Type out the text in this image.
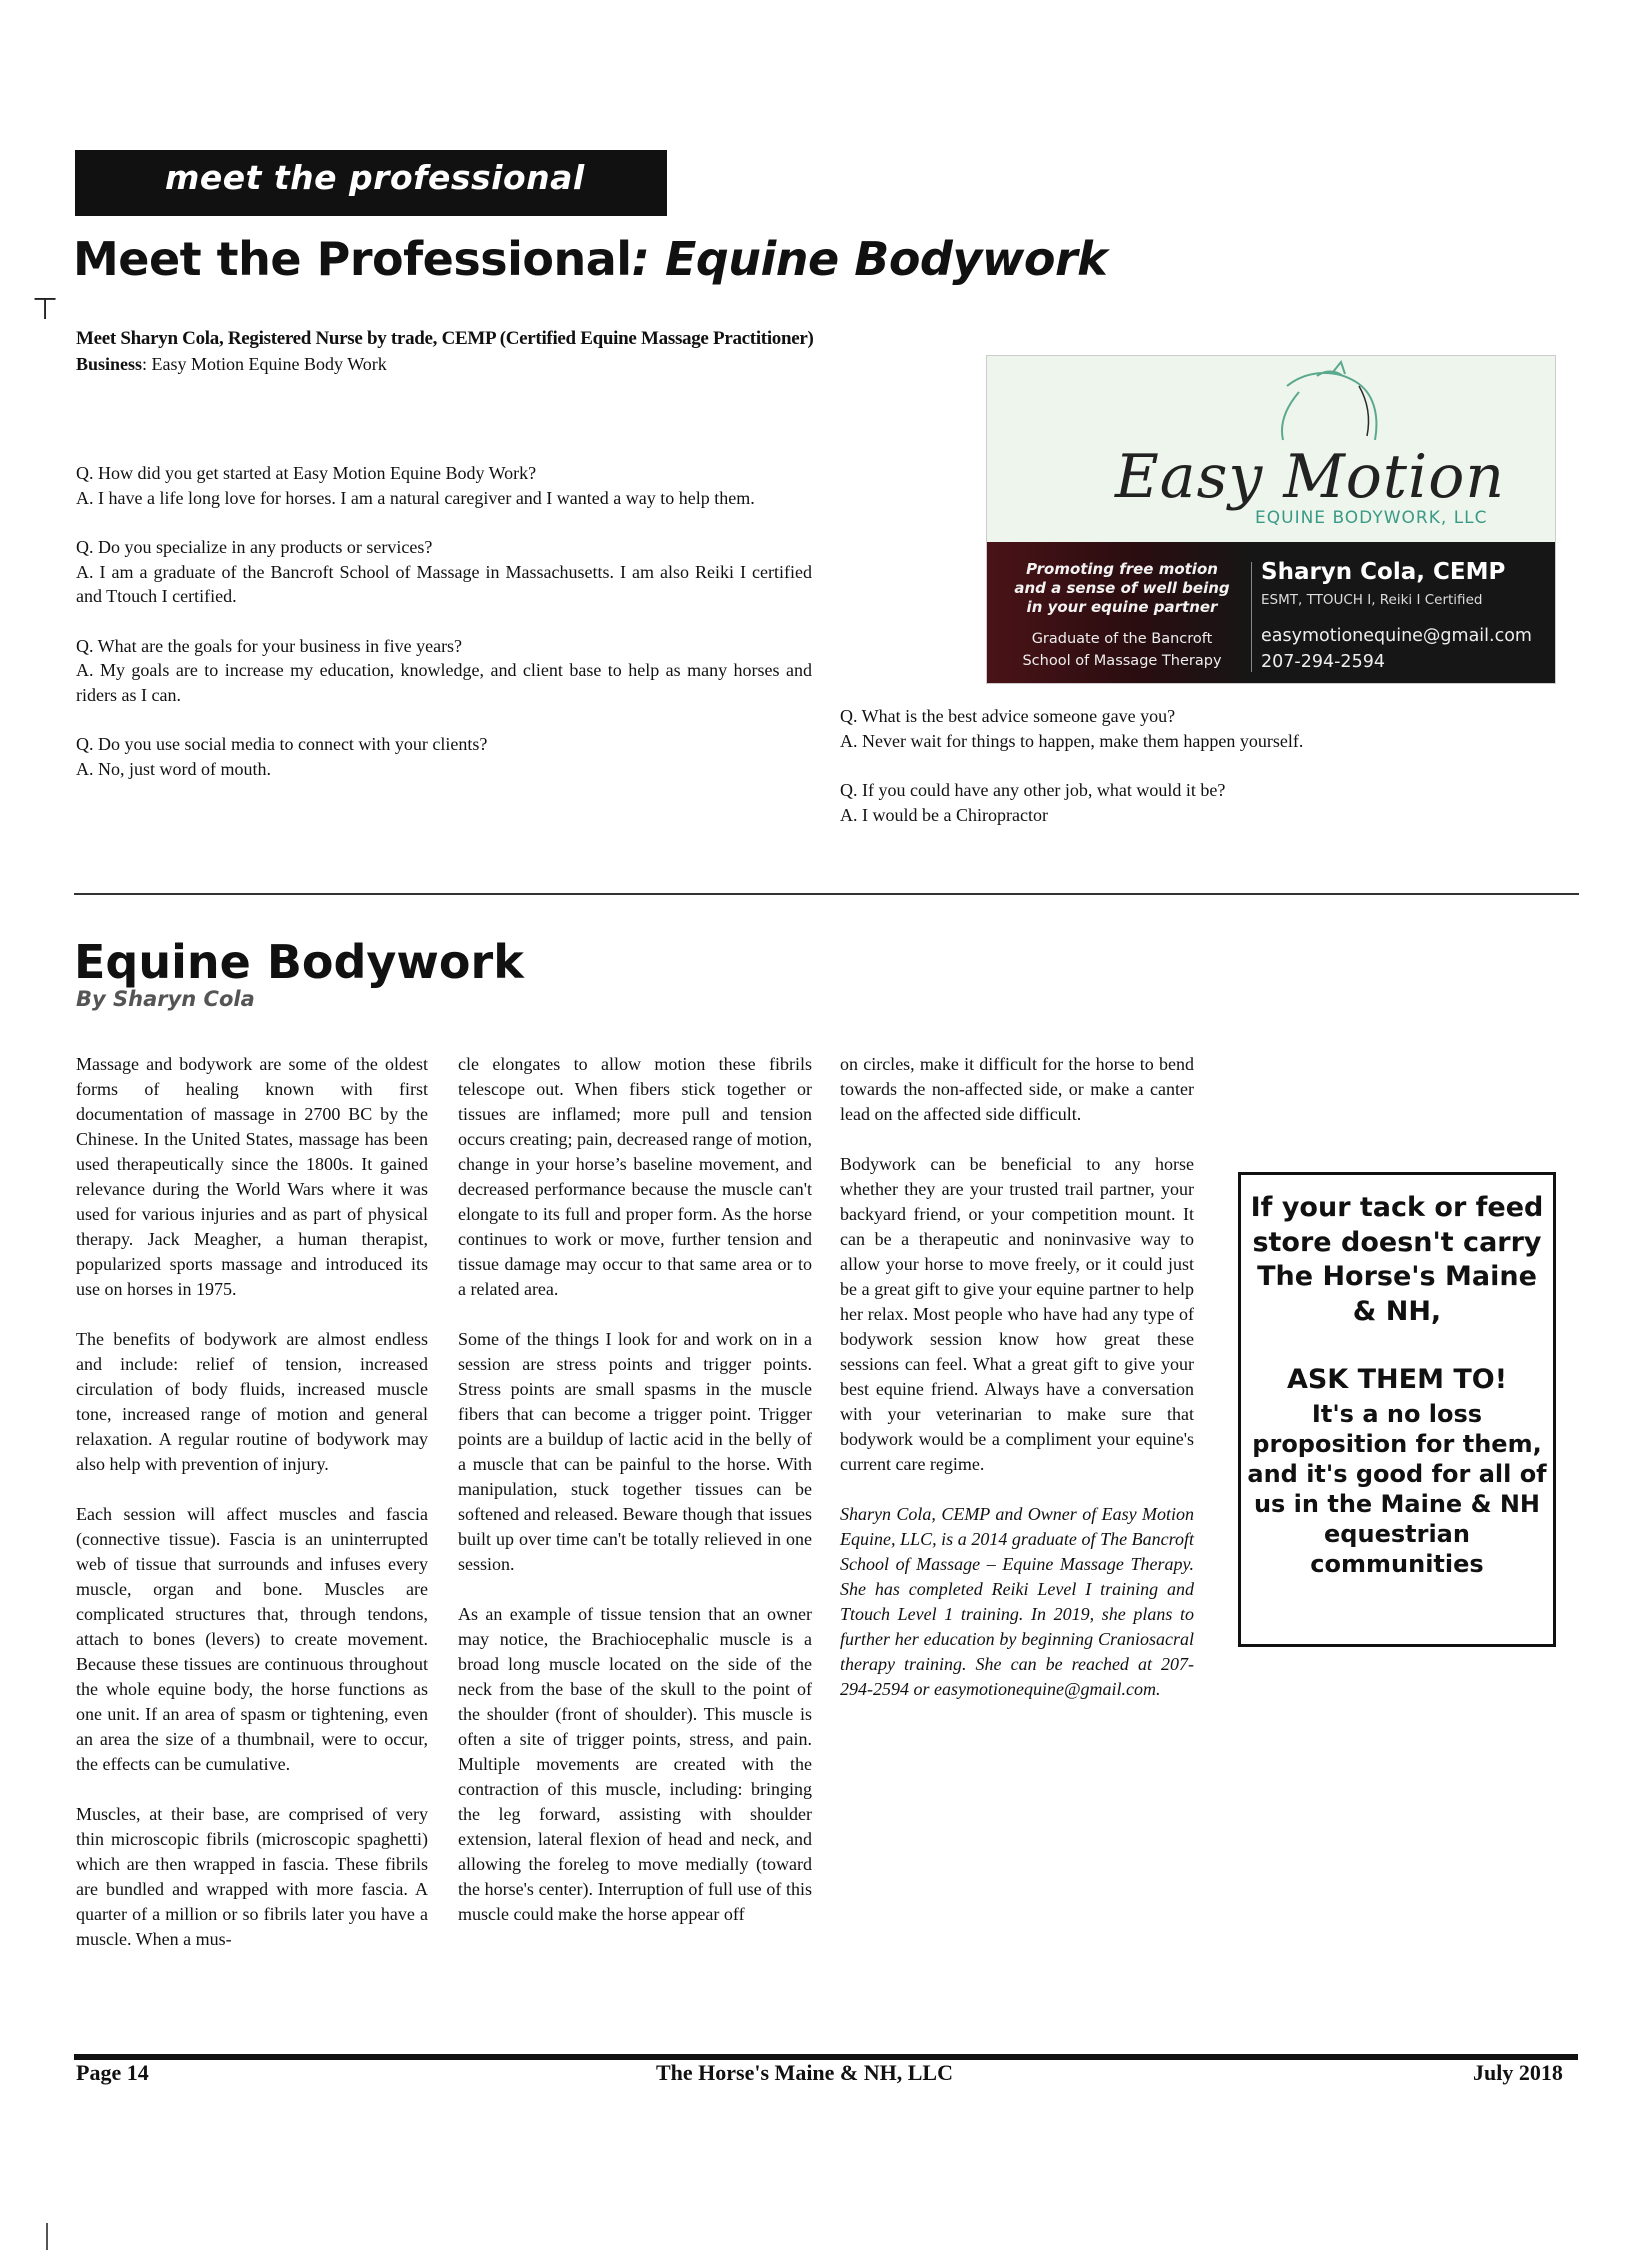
⊤
meet the professional
Meet the Professional: Equine Bodywork
Meet Sharyn Cola, Registered Nurse by trade, CEMP (Certified Equine Massage Practitioner)
Business: Easy Motion Equine Body Work

Q. How did you get started at Easy Motion Equine Body Work?
A. I have a life long love for horses. I am a natural caregiver and I wanted a way to help them.

Q. Do you specialize in any products or services?
A. I am a graduate of the Bancroft School of Massage in Massachusetts. I am also Reiki I certified and Ttouch I certified.

Q. What are the goals for your business in five years?
A. My goals are to increase my education, knowledge, and client base to help as many horses and riders as I can.

Q. Do you use social media to connect with your clients?
A. No, just word of mouth.

Easy Motion
EQUINE BODYWORK, LLC
Promoting free motion and a sense of well being in your equine partner
Graduate of the Bancroft School of Massage Therapy
Sharyn Cola, CEMP
ESMT, TTOUCH I, Reiki I Certified
easymotionequine@gmail.com
207-294-2594

Q. What is the best advice someone gave you?
A. Never wait for things to happen, make them happen yourself.

Q. If you could have any other job, what would it be?
A. I would be a Chiropractor

Equine Bodywork
By Sharyn Cola

Massage and bodywork are some of the oldest forms of healing known with first documentation of massage in 2700 BC by the Chinese. In the United States, massage has been used therapeutically since the 1800s. It gained relevance during the World Wars where it was used for various injuries and as part of physical therapy. Jack Meagher, a human therapist, popularized sports massage and introduced its use on horses in 1975.

The benefits of bodywork are almost endless and include: relief of tension, increased circulation of body fluids, increased muscle tone, increased range of motion and general relaxation. A regular routine of bodywork may also help with prevention of injury.

Each session will affect muscles and fascia (connective tissue). Fascia is an uninterrupted web of tissue that surrounds and infuses every muscle, organ and bone. Muscles are complicated structures that, through tendons, attach to bones (levers) to create movement. Because these tissues are continuous throughout the whole equine body, the horse functions as one unit. If an area of spasm or tightening, even an area the size of a thumbnail, were to occur, the effects can be cumulative.

Muscles, at their base, are comprised of very thin microscopic fibrils (microscopic spaghetti) which are then wrapped in fascia. These fibrils are bundled and wrapped with more fascia. A quarter of a million or so fibrils later you have a muscle. When a mus-

cle elongates to allow motion these fibrils telescope out. When fibers stick together or tissues are inflamed; more pull and tension occurs creating; pain, decreased range of motion, change in your horse’s baseline movement, and decreased performance because the muscle can't elongate to its full and proper form. As the horse continues to work or move, further tension and tissue damage may occur to that same area or to a related area.

Some of the things I look for and work on in a session are stress points and trigger points. Stress points are small spasms in the muscle fibers that can become a trigger point. Trigger points are a buildup of lactic acid in the belly of a muscle that can be painful to the horse. With manipulation, stuck together tissues can be softened and released. Beware though that issues built up over time can't be totally relieved in one session.

As an example of tissue tension that an owner may notice, the Brachiocephalic muscle is a broad long muscle located on the side of the neck from the base of the skull to the point of the shoulder (front of shoulder). This muscle is often a site of trigger points, stress, and pain. Multiple movements are created with the contraction of this muscle, including: bringing the leg forward, assisting with shoulder extension, lateral flexion of head and neck, and allowing the foreleg to move medially (toward the horse's center). Interruption of full use of this muscle could make the horse appear off

on circles, make it difficult for the horse to bend towards the non-affected side, or make a canter lead on the affected side difficult.

Bodywork can be beneficial to any horse whether they are your trusted trail partner, your backyard friend, or your competition mount. It can be a therapeutic and noninvasive way to allow your horse to move freely, or it could just be a great gift to give your equine partner to help her relax. Most people who have had any type of bodywork session know how great these sessions can feel. What a great gift to give your best equine friend. Always have a conversation with your veterinarian to make sure that bodywork would be a compliment your equine's current care regime.

Sharyn Cola, CEMP and Owner of Easy Motion Equine, LLC, is a 2014 graduate of The Bancroft School of Massage – Equine Massage Therapy. She has completed Reiki Level I training and Ttouch Level 1 training. In 2019, she plans to further her education by beginning Craniosacral therapy training. She can be reached at 207-294-2594 or easymotionequine@gmail.com.

If your tack or feed store doesn't carry The Horse's Maine & NH,
ASK THEM TO!
It's a no loss proposition for them, and it's good for all of us in the Maine & NH equestrian communities
Page 14	The Horse's Maine & NH, LLC	July 2018
